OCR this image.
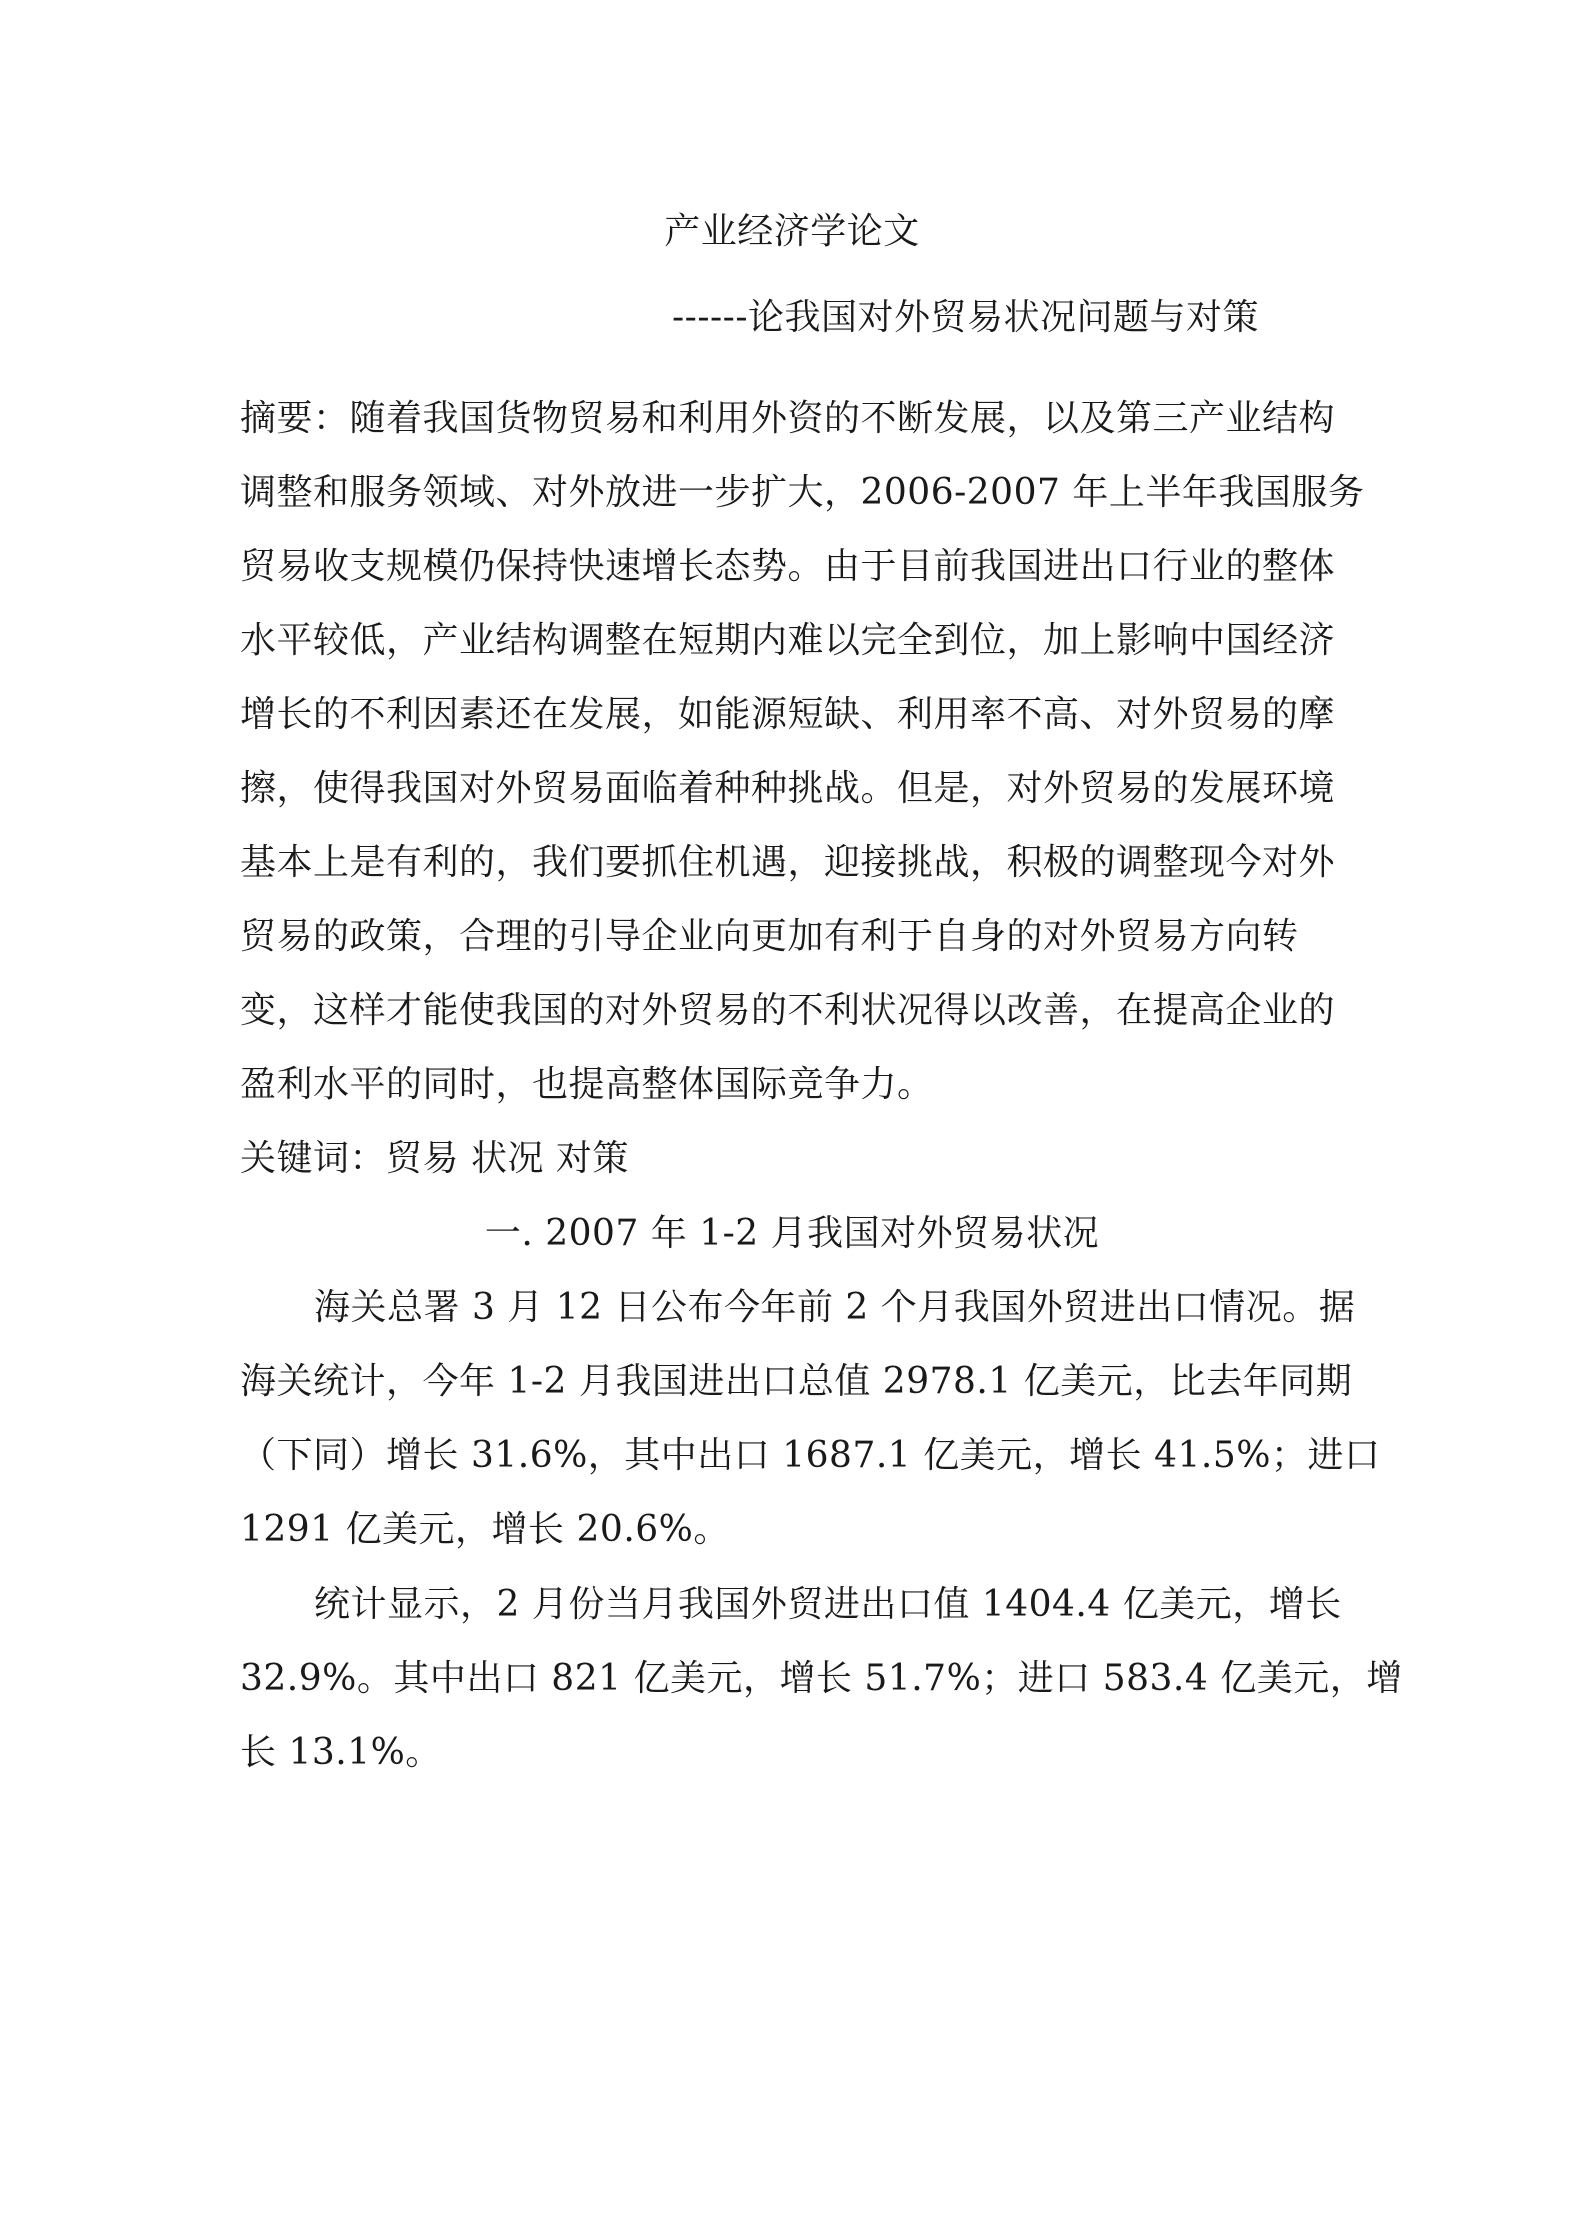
产业经济学论文
------论我国对外贸易状况问题与对策
摘要：随着我国货物贸易和利用外资的不断发展，以及第三产业结构
调整和服务领域、对外放进一步扩大，2006-2007 年上半年我国服务
贸易收支规模仍保持快速增长态势。由于目前我国进出口行业的整体
水平较低，产业结构调整在短期内难以完全到位，加上影响中国经济
增长的不利因素还在发展，如能源短缺、利用率不高、对外贸易的摩
擦，使得我国对外贸易面临着种种挑战。但是，对外贸易的发展环境
基本上是有利的，我们要抓住机遇，迎接挑战，积极的调整现今对外
贸易的政策，合理的引导企业向更加有利于自身的对外贸易方向转
变，这样才能使我国的对外贸易的不利状况得以改善，在提高企业的
盈利水平的同时，也提高整体国际竞争力。
关键词：贸易 状况 对策
一. 2007 年 1-2 月我国对外贸易状况
海关总署 3 月 12 日公布今年前 2 个月我国外贸进出口情况。据
海关统计，今年 1-2 月我国进出口总值 2978.1 亿美元，比去年同期
（下同）增长 31.6%，其中出口 1687.1 亿美元，增长 41.5%；进口
1291 亿美元，增长 20.6%。
统计显示，2 月份当月我国外贸进出口值 1404.4 亿美元，增长
32.9%。其中出口 821 亿美元，增长 51.7%；进口 583.4 亿美元，增
长 13.1%。
